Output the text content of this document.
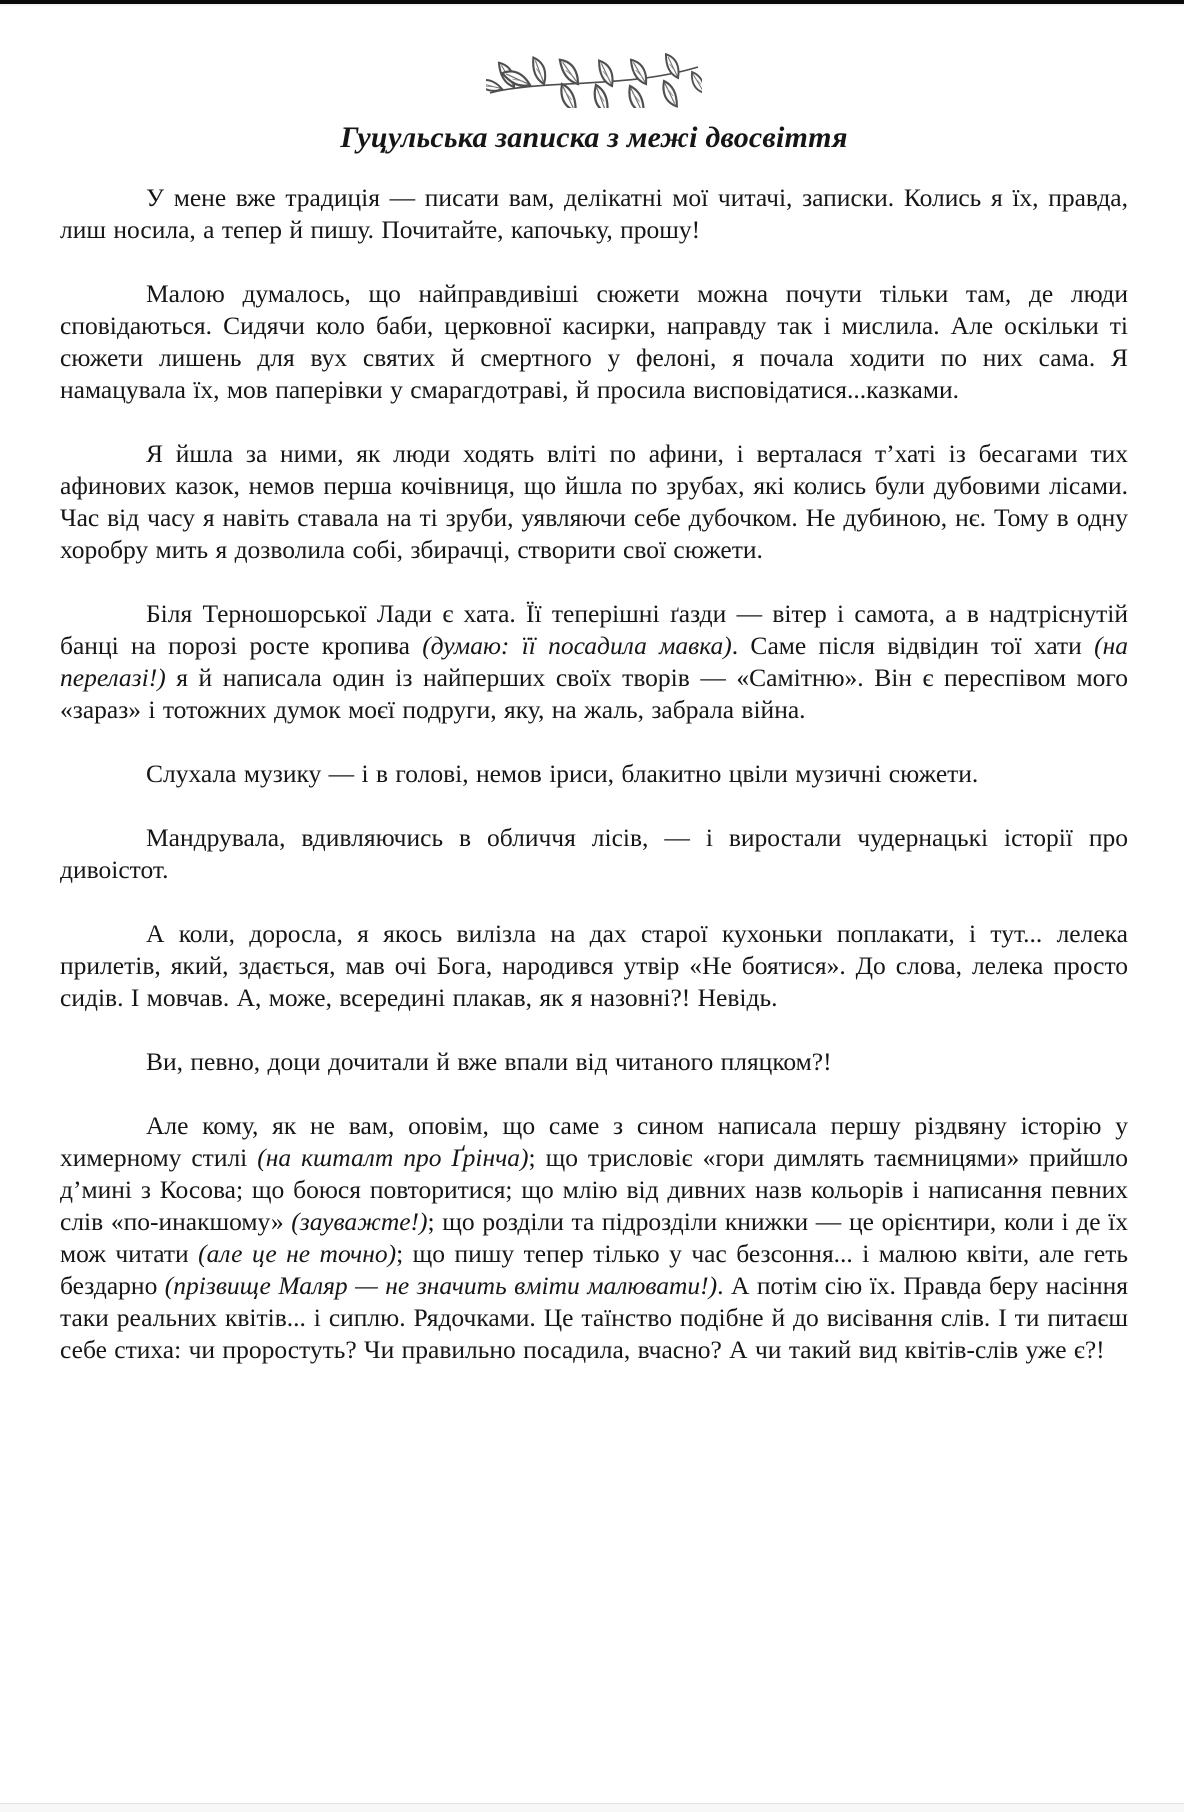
Гуцульська записка з межі двосвіття

У мене вже традиція — писати вам, делікатні мої читачі, записки. Колись я їх, правда, лиш носила, а тепер й пишу. Почитайте, капочьку, прошу!

Малою думалось, що найправдивіші сюжети можна почути тільки там, де люди сповідаються. Сидячи коло баби, церковної касирки, направду так і мислила. Але оскільки ті сюжети лишень для вух святих й смертного у фелоні, я почала ходити по них сама. Я намацувала їх, мов паперівки у смарагдотраві, й просила висповідатися...казками.

Я йшла за ними, як люди ходять вліті по афини, і верталася т’хаті із бесагами тих афинових казок, немов перша кочівниця, що йшла по зрубах, які колись були дубовими лісами. Час від часу я навіть ставала на ті зруби, уявляючи себе дубочком. Не дубиною, нє. Тому в одну хоробру мить я дозволила собі, збирачці, створити свої сюжети.

Біля Терношорської Лади є хата. Її теперішні ґазди — вітер і самота, а в надтріснутій банці на порозі росте кропива (думаю: її посадила мавка). Саме після відвідин тої хати (на перелазі!) я й написала один із найперших своїх творів — «Самітню». Він є переспівом мого «зараз» і тотожних думок моєї подруги, яку, на жаль, забрала війна.

Слухала музику — і в голові, немов іриси, блакитно цвіли музичні сюжети.

Мандрувала, вдивляючись в обличчя лісів, — і виростали чудернацькі історії про дивоістот.

А коли, доросла, я якось вилізла на дах старої кухоньки поплакати, і тут... лелека прилетів, який, здається, мав очі Бога, народився утвір «Не боятися». До слова, лелека просто сидів. І мовчав. А, може, всередині плакав, як я назовні?! Невідь.

Ви, певно, доци дочитали й вже впали від читаного пляцком?!

Але кому, як не вам, оповім, що саме з сином написала першу різдвяну історію у химерному стилі (на кшталт про Ґрінча); що трисловіє «гори димлять таємницями» прийшло д’мині з Косова; що боюся повторитися; що млію від дивних назв кольорів і написання певних слів «по-инакшому» (зауважте!); що розділи та підрозділи книжки — це орієнтири, коли і де їх мож читати (але це не точно); що пишу тепер тілько у час безсоння... і малюю квіти, але геть бездарно (прізвище Маляр — не значить вміти малювати!). А потім сію їх. Правда беру насіння таки реальних квітів... і сиплю. Рядочками. Це таїнство подібне й до висівання слів. І ти питаєш себе стиха: чи проростуть? Чи правильно посадила, вчасно? А чи такий вид квітів-слів уже є?!
